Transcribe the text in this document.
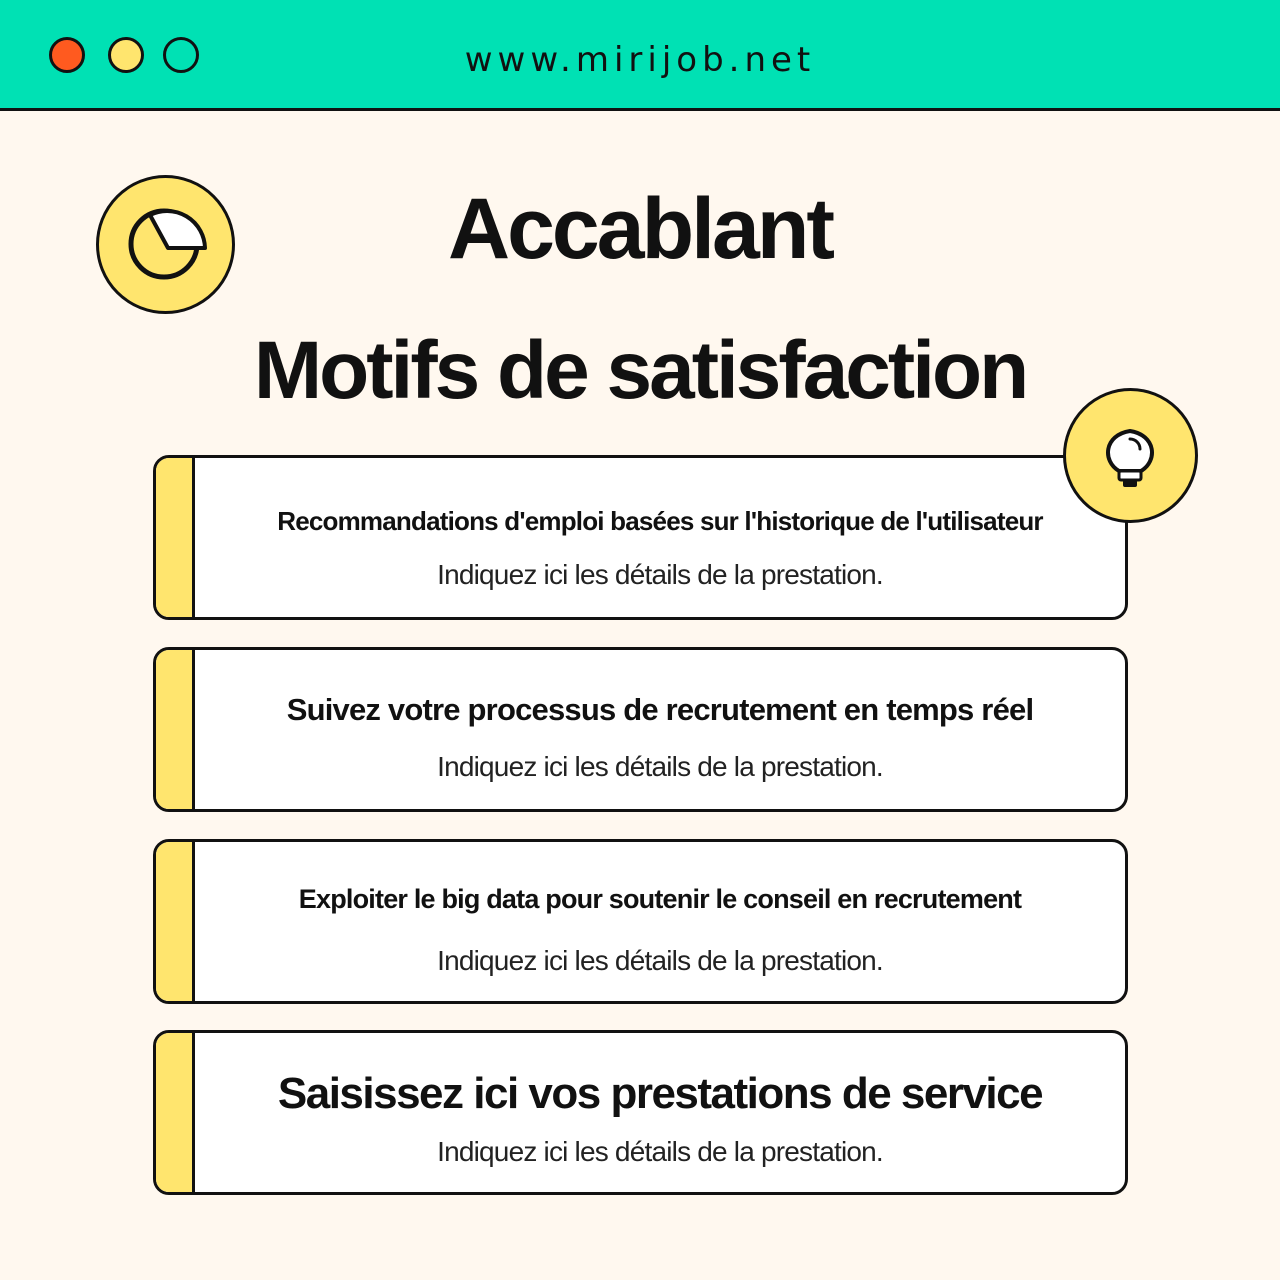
www.mirijob.net
Accablant
Motifs de satisfaction
Recommandations d'emploi basées sur l'historique de l'utilisateur
Indiquez ici les détails de la prestation.
Suivez votre processus de recrutement en temps réel
Indiquez ici les détails de la prestation.
Exploiter le big data pour soutenir le conseil en recrutement
Indiquez ici les détails de la prestation.
Saisissez ici vos prestations de service
Indiquez ici les détails de la prestation.
